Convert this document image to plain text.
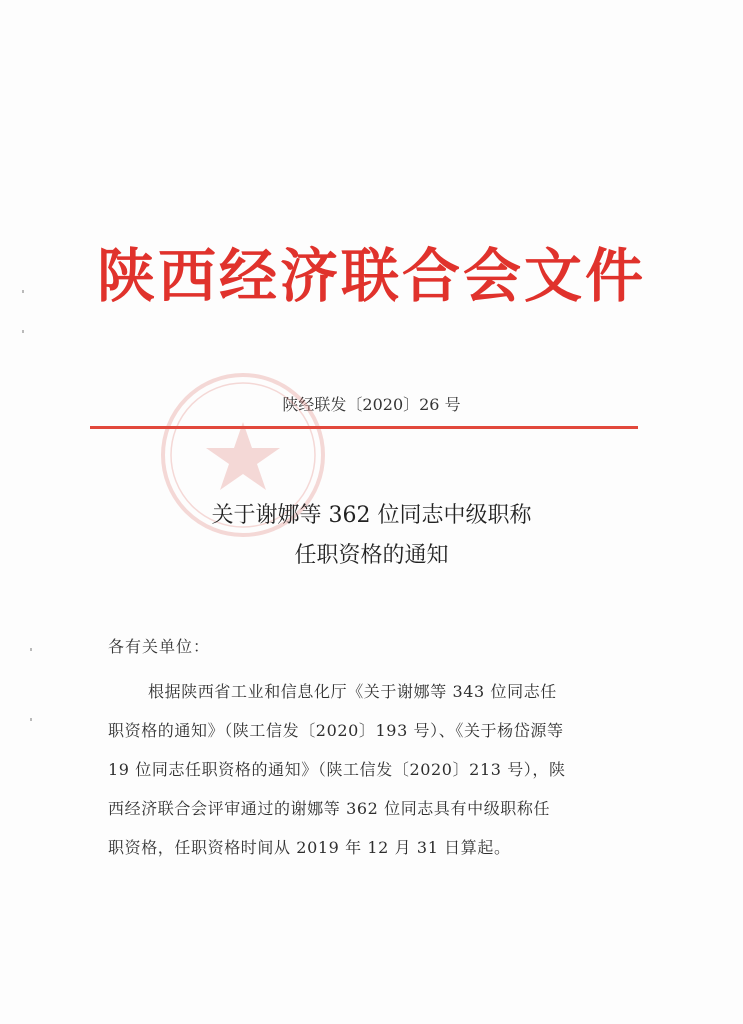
陕西经济联合会文件
陕经联发〔2020〕26 号
关于谢娜等 362 位同志中级职称
任职资格的通知
各有关单位：
根据陕西省工业和信息化厅《关于谢娜等 343 位同志任
职资格的通知》（陕工信发〔2020〕193 号）、《关于杨岱源等
19 位同志任职资格的通知》（陕工信发〔2020〕213 号），陕
西经济联合会评审通过的谢娜等 362 位同志具有中级职称任
职资格，任职资格时间从 2019 年 12 月 31 日算起。
